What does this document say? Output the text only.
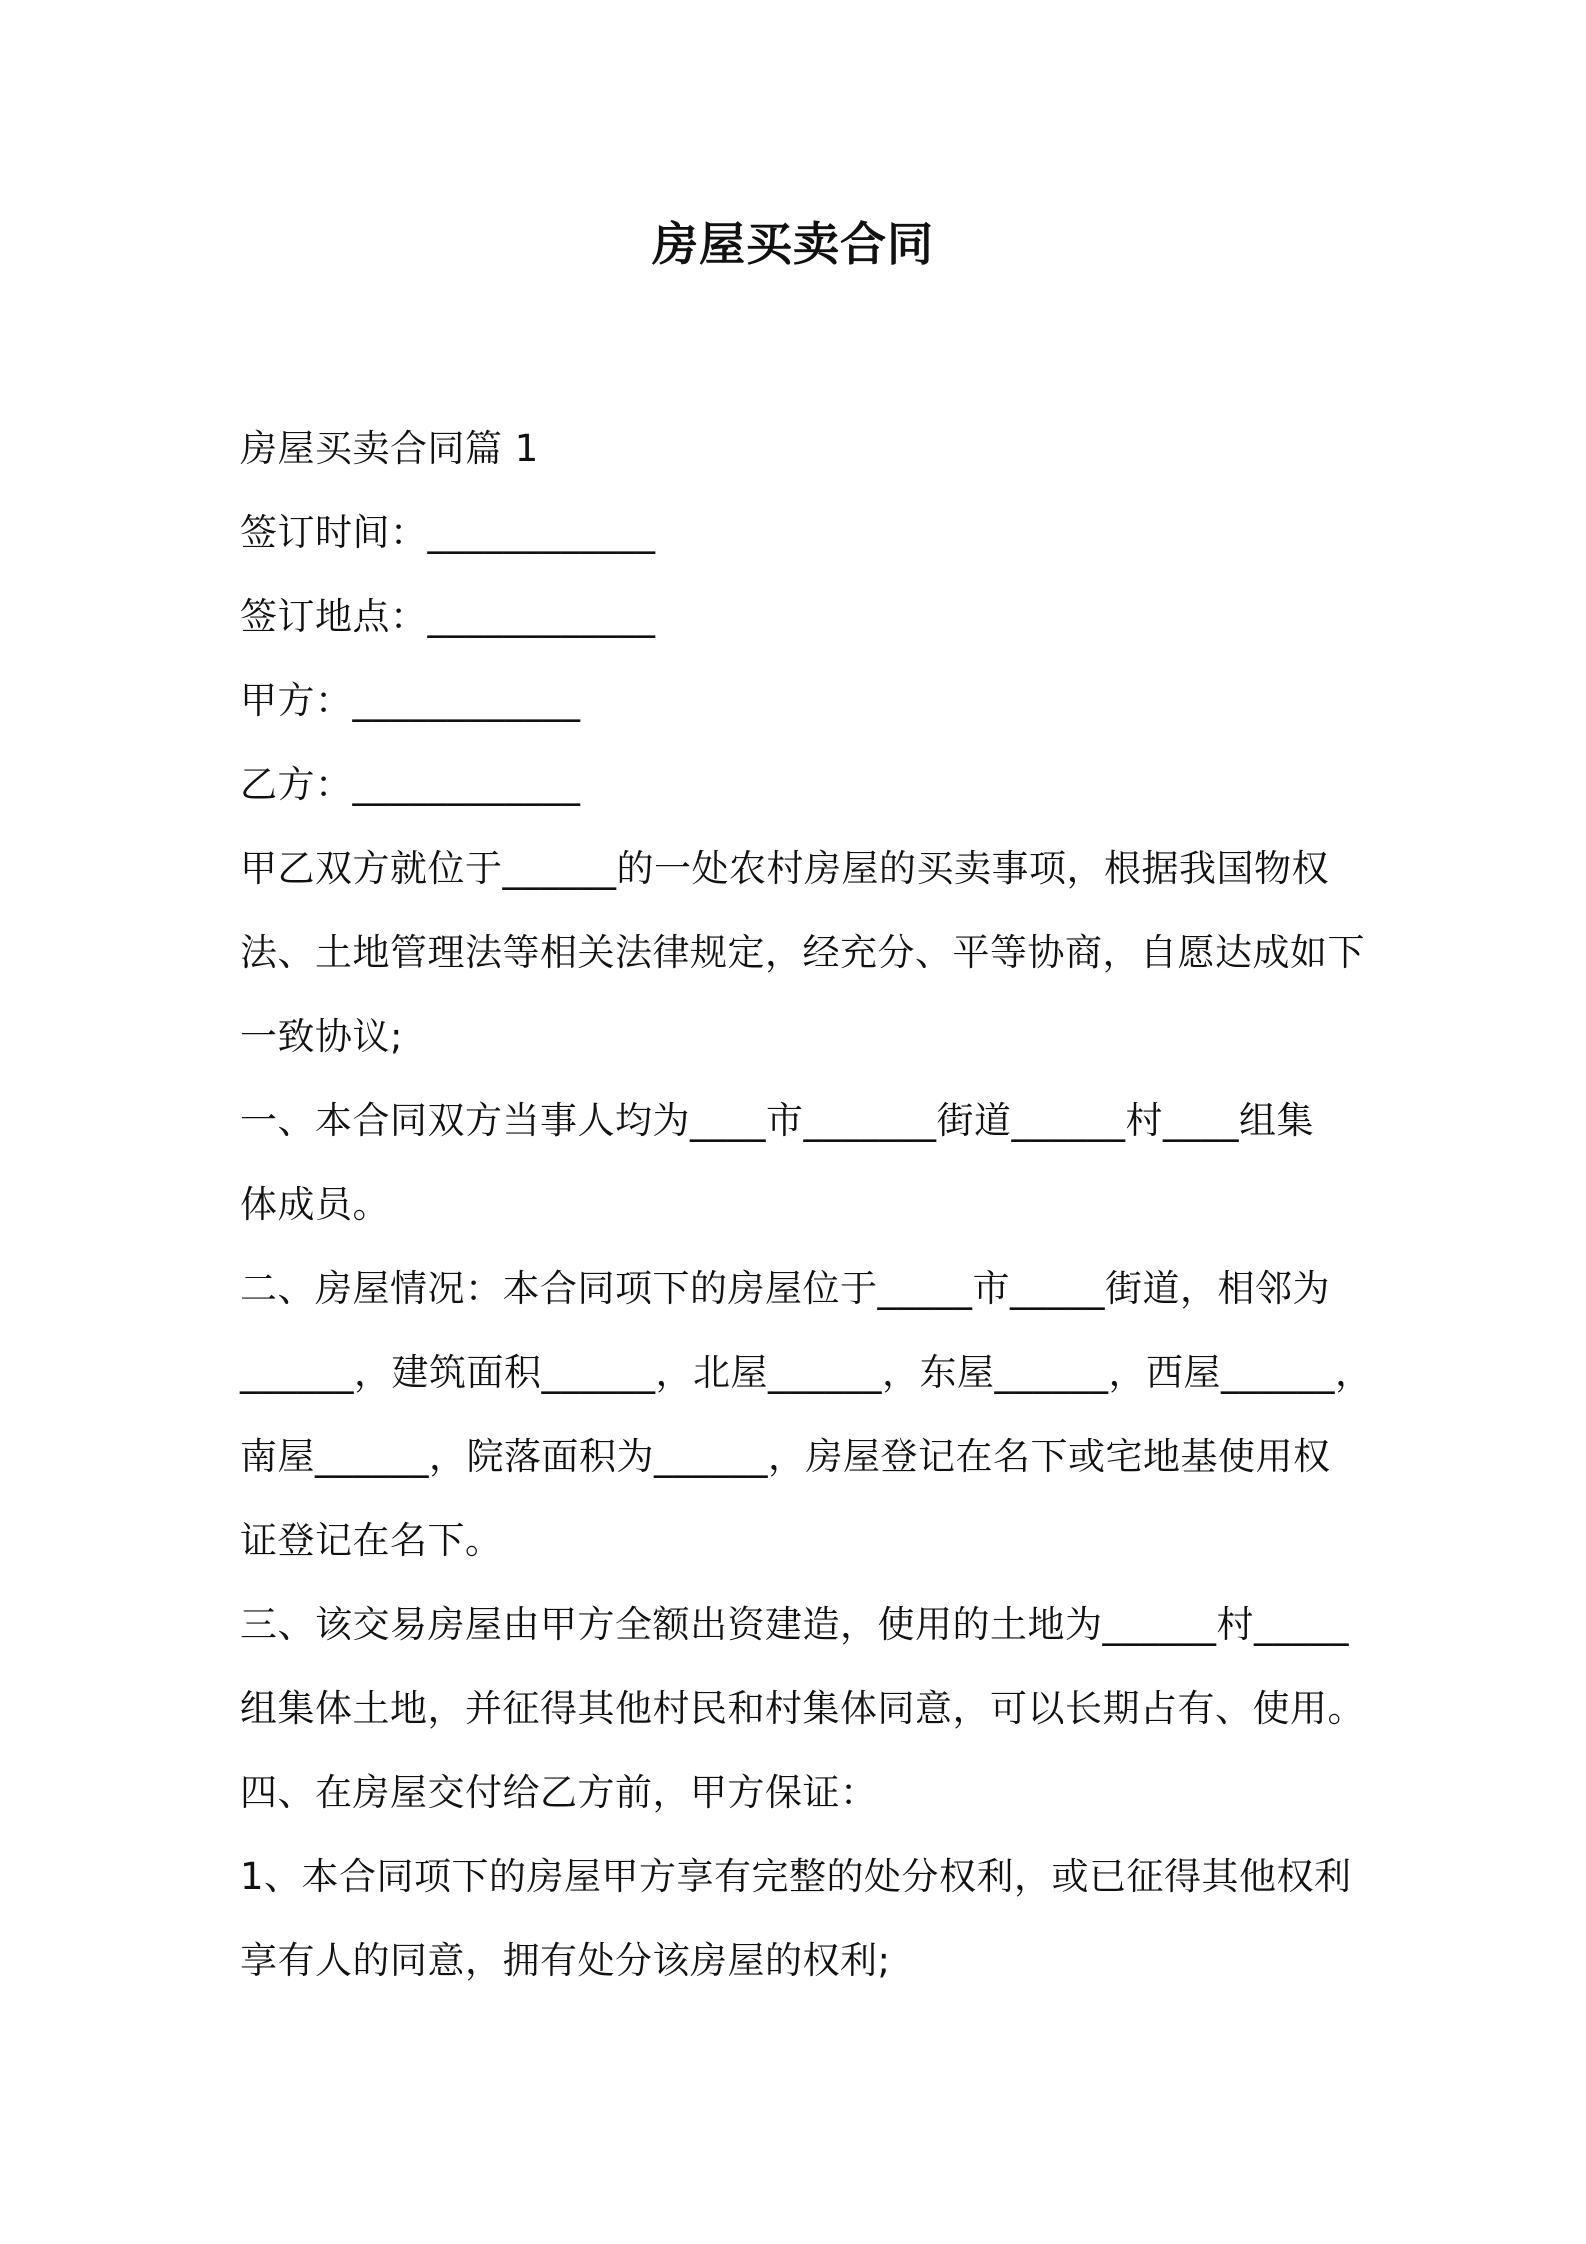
房屋买卖合同
房屋买卖合同篇 1
签订时间：____________
签订地点：____________
甲方：____________
乙方：____________
甲乙双方就位于______的一处农村房屋的买卖事项，根据我国物权
法、土地管理法等相关法律规定，经充分、平等协商，自愿达成如下
一致协议;
一、本合同双方当事人均为____市_______街道______村____组集
体成员。
二、房屋情况：本合同项下的房屋位于_____市_____街道，相邻为
______，建筑面积______，北屋______，东屋______，西屋______，
南屋______，院落面积为______，房屋登记在名下或宅地基使用权
证登记在名下。
三、该交易房屋由甲方全额出资建造，使用的土地为______村_____
组集体土地，并征得其他村民和村集体同意，可以长期占有、使用。
四、在房屋交付给乙方前，甲方保证：
1、本合同项下的房屋甲方享有完整的处分权利，或已征得其他权利
享有人的同意，拥有处分该房屋的权利;
